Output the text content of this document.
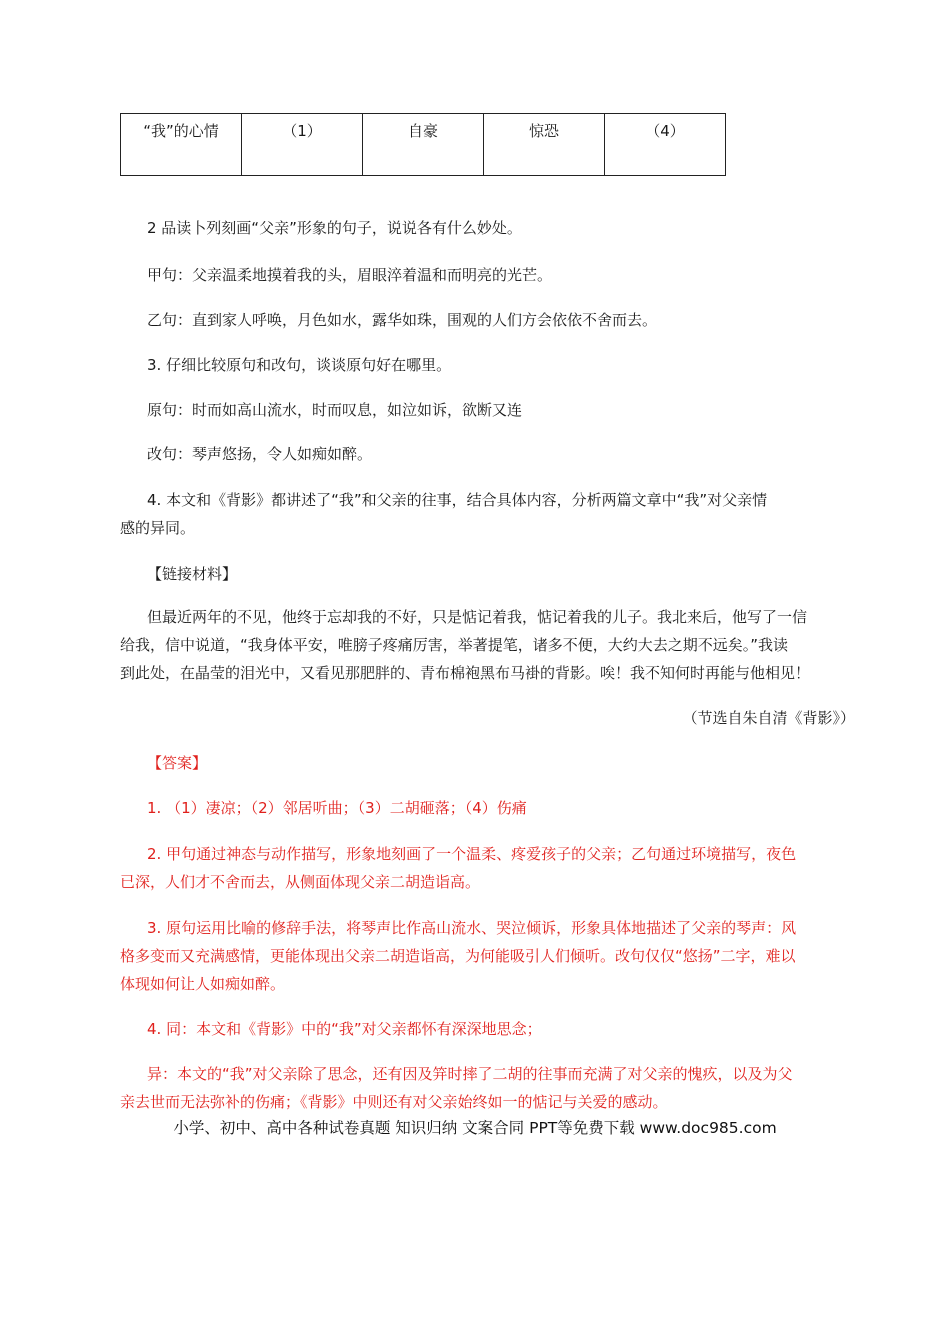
“我”的心情	（1）	自豪	惊恐	（4）
2 品读卜列刻画“父亲”形象的句子，说说各有什么妙处。
甲句：父亲温柔地摸着我的头，眉眼淬着温和而明亮的光芒。
乙句：直到家人呼唤，月色如水，露华如珠，围观的人们方会依依不舍而去。
3. 仔细比较原句和改句，谈谈原句好在哪里。
原句：时而如高山流水，时而叹息，如泣如诉，欲断又连
改句：琴声悠扬，令人如痴如醉。
4. 本文和《背影》都讲述了“我”和父亲的往事，结合具体内容，分析两篇文章中“我”对父亲情
感的异同。
【链接材料】
但最近两年的不见，他终于忘却我的不好，只是惦记着我，惦记着我的儿子。我北来后，他写了一信
给我，信中说道，“我身体平安，唯膀子疼痛厉害，举著提笔，诸多不便，大约大去之期不远矣。”我读
到此处，在晶莹的泪光中，又看见那肥胖的、青布棉袍黑布马褂的背影。唉！我不知何时再能与他相见！
（节选自朱自清《背影》）
【答案】
1. （1）凄凉；（2）邻居听曲；（3）二胡砸落；（4）伤痛
2. 甲句通过神态与动作描写，形象地刻画了一个温柔、疼爱孩子的父亲；乙句通过环境描写，夜色
已深，人们才不舍而去，从侧面体现父亲二胡造诣高。
3. 原句运用比喻的修辞手法，将琴声比作高山流水、哭泣倾诉，形象具体地描述了父亲的琴声：风
格多变而又充满感情，更能体现出父亲二胡造诣高，为何能吸引人们倾听。改句仅仅“悠扬”二字，难以
体现如何让人如痴如醉。
4. 同：本文和《背影》中的“我”对父亲都怀有深深地思念；
异：本文的“我”对父亲除了思念，还有因及笄时摔了二胡的往事而充满了对父亲的愧疚，以及为父
亲去世而无法弥补的伤痛；《背影》中则还有对父亲始终如一的惦记与关爱的感动。
小学、初中、高中各种试卷真题 知识归纳 文案合同 PPT等免费下载 www.doc985.com
